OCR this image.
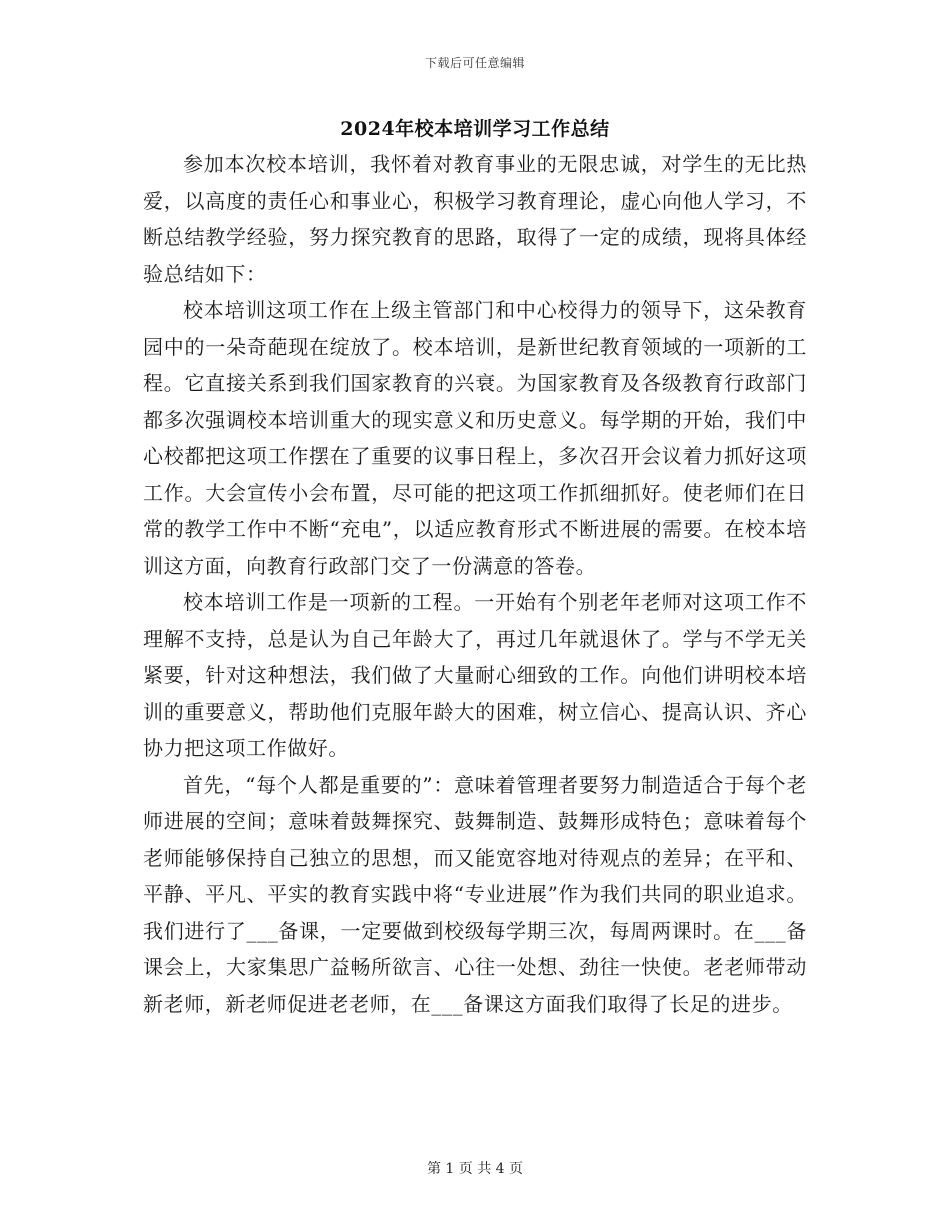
下载后可任意编辑
2024年校本培训学习工作总结

参加本次校本培训，我怀着对教育事业的无限忠诚，对学生的无比热爱，以高度的责任心和事业心，积极学习教育理论，虚心向他人学习，不断总结教学经验，努力探究教育的思路，取得了一定的成绩，现将具体经验总结如下：

校本培训这项工作在上级主管部门和中心校得力的领导下，这朵教育园中的一朵奇葩现在绽放了。校本培训，是新世纪教育领域的一项新的工程。它直接关系到我们国家教育的兴衰。为国家教育及各级教育行政部门都多次强调校本培训重大的现实意义和历史意义。每学期的开始，我们中心校都把这项工作摆在了重要的议事日程上，多次召开会议着力抓好这项工作。大会宣传小会布置，尽可能的把这项工作抓细抓好。使老师们在日常的教学工作中不断“充电”，以适应教育形式不断进展的需要。在校本培训这方面，向教育行政部门交了一份满意的答卷。

校本培训工作是一项新的工程。一开始有个别老年老师对这项工作不理解不支持，总是认为自己年龄大了，再过几年就退休了。学与不学无关紧要，针对这种想法，我们做了大量耐心细致的工作。向他们讲明校本培训的重要意义，帮助他们克服年龄大的困难，树立信心、提高认识、齐心协力把这项工作做好。

首先，“每个人都是重要的”：意味着管理者要努力制造适合于每个老师进展的空间；意味着鼓舞探究、鼓舞制造、鼓舞形成特色；意味着每个老师能够保持自己独立的思想，而又能宽容地对待观点的差异；在平和、平静、平凡、平实的教育实践中将“专业进展”作为我们共同的职业追求。我们进行了___备课，一定要做到校级每学期三次，每周两课时。在___备课会上，大家集思广益畅所欲言、心往一处想、劲往一快使。老老师带动新老师，新老师促进老老师，在___备课这方面我们取得了长足的进步。

第 1 页 共 4 页
